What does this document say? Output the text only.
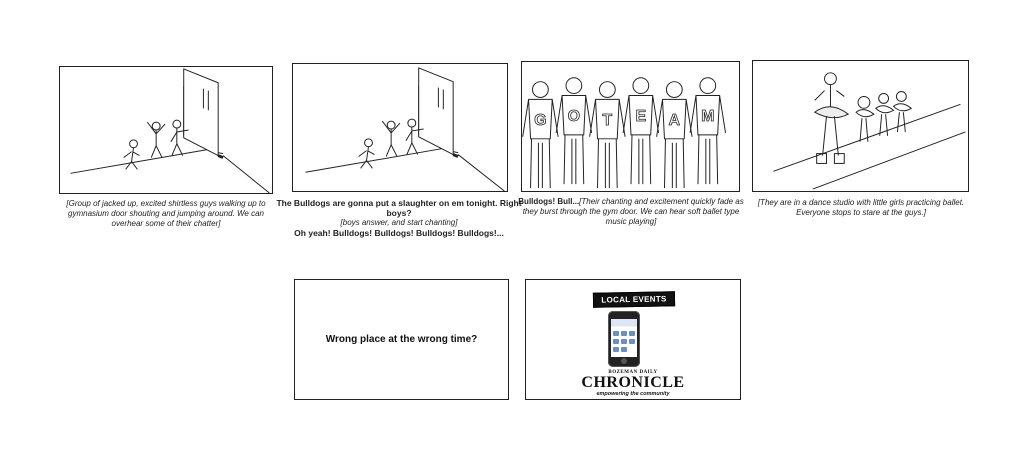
[Group of jacked up, excited shirtless guys walking up to gymnasium door shouting and jumping around. We can overhear some of their chatter]
The Bulldogs are gonna put a slaughter on em tonight. Right boys?
[boys answer, and start chanting]
Oh yeah! Bulldogs! Bulldogs! Bulldogs! Bulldogs!...
G O T E A M
Bulldogs! Bull...[Their chanting and excitement quickly fade as they burst through the gym door. We can hear soft ballet type music playing]
[They are in a dance studio with little girls practicing ballet. Everyone stops to stare at the guys.]
Wrong place at the wrong time?
LOCAL EVENTS
BOZEMAN DAILY
CHRONICLE
empowering the community
